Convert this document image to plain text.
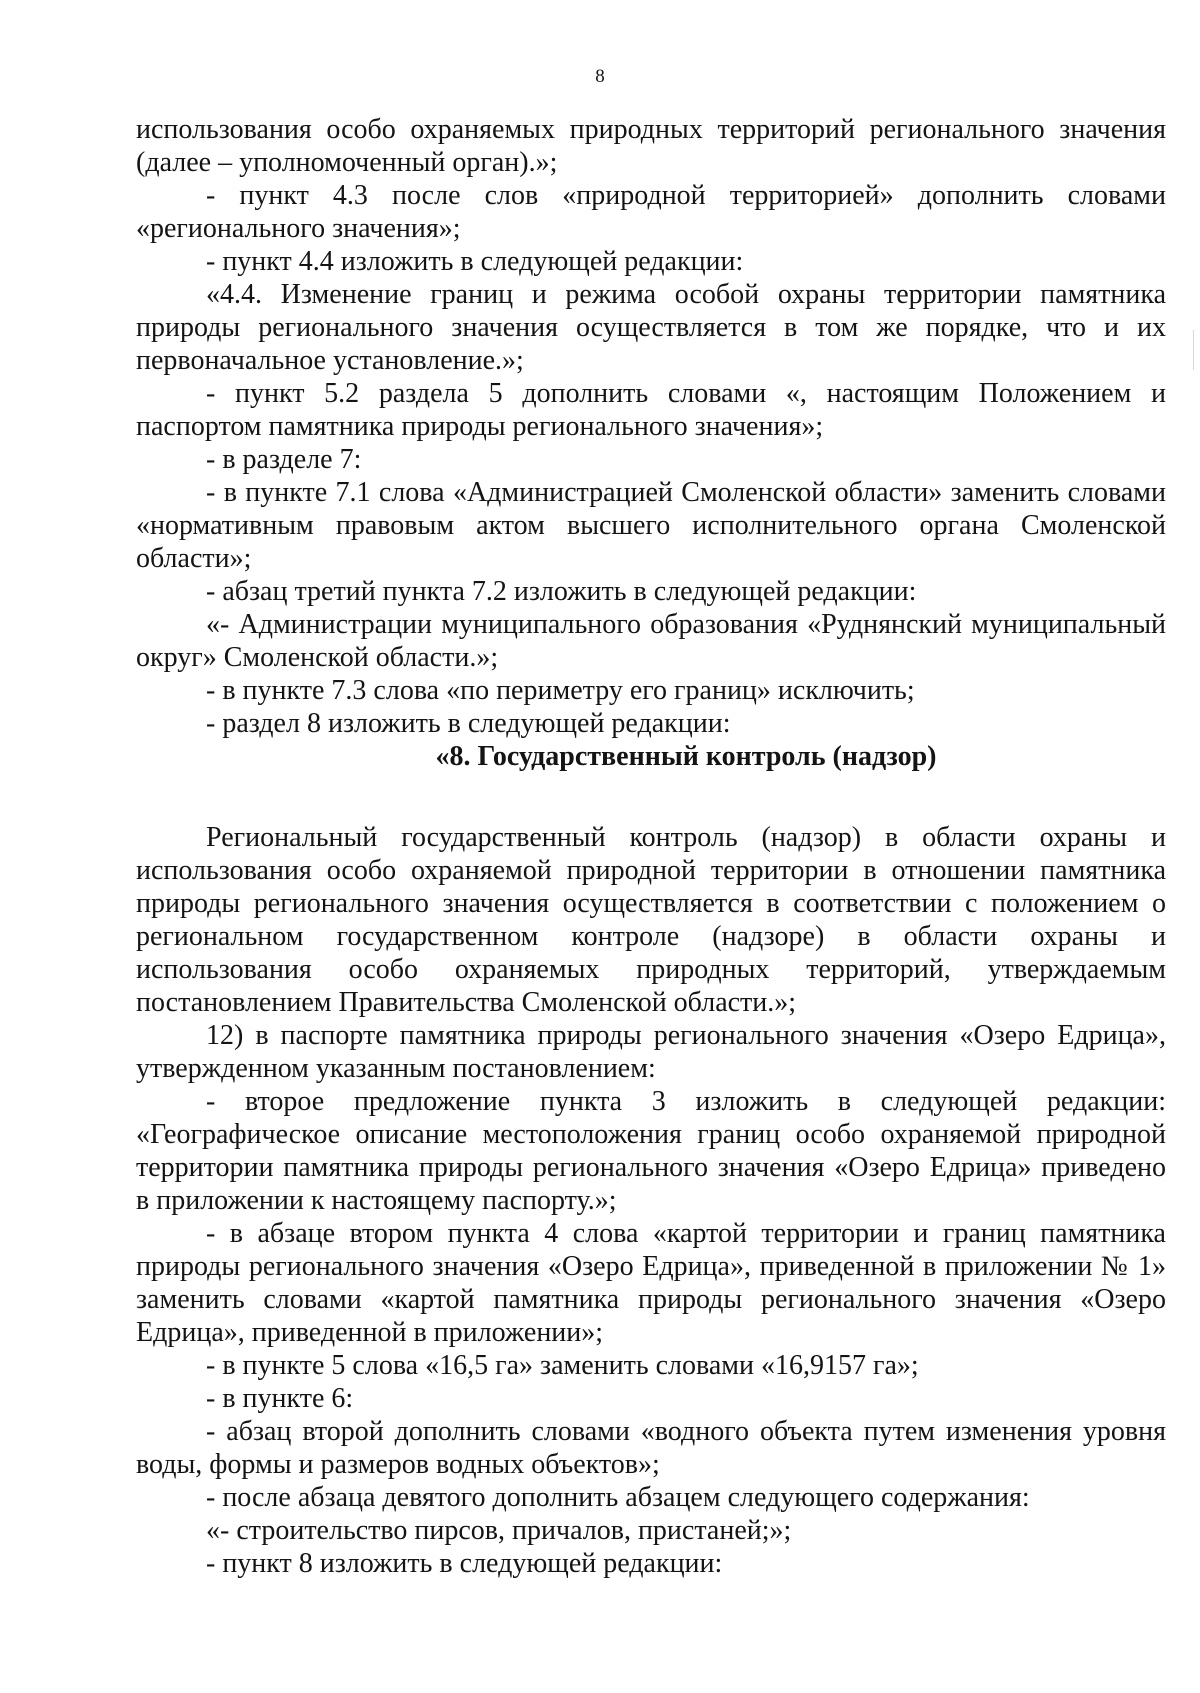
8

использования особо охраняемых природных территорий регионального значения (далее – уполномоченный орган).»;

- пункт 4.3 после слов «природной территорией» дополнить словами «регионального значения»;

- пункт 4.4 изложить в следующей редакции:

«4.4. Изменение границ и режима особой охраны территории памятника природы регионального значения осуществляется в том же порядке, что и их первоначальное установление.»;

- пункт 5.2 раздела 5 дополнить словами «, настоящим Положением и паспортом памятника природы регионального значения»;

- в разделе 7:

- в пункте 7.1 слова «Администрацией Смоленской области» заменить словами «нормативным правовым актом высшего исполнительного органа Смоленской области»;

- абзац третий пункта 7.2 изложить в следующей редакции:

«- Администрации муниципального образования «Руднянский муниципальный округ» Смоленской области.»;

- в пункте 7.3 слова «по периметру его границ» исключить;

- раздел 8 изложить в следующей редакции:

«8. Государственный контроль (надзор)

Региональный государственный контроль (надзор) в области охраны и использования особо охраняемой природной территории в отношении памятника природы регионального значения осуществляется в соответствии с положением о региональном государственном контроле (надзоре) в области охраны и использования особо охраняемых природных территорий, утверждаемым постановлением Правительства Смоленской области.»;

12) в паспорте памятника природы регионального значения «Озеро Едрица», утвержденном указанным постановлением:

- второе предложение пункта 3 изложить в следующей редакции: «Географическое описание местоположения границ особо охраняемой природной территории памятника природы регионального значения «Озеро Едрица» приведено в приложении к настоящему паспорту.»;

- в абзаце втором пункта 4 слова «картой территории и границ памятника природы регионального значения «Озеро Едрица», приведенной в приложении № 1» заменить словами «картой памятника природы регионального значения «Озеро Едрица», приведенной в приложении»;

- в пункте 5 слова «16,5 га» заменить словами «16,9157 га»;

- в пункте 6:

- абзац второй дополнить словами «водного объекта путем изменения уровня воды, формы и размеров водных объектов»;

- после абзаца девятого дополнить абзацем следующего содержания:

«- строительство пирсов, причалов, пристаней;»;

- пункт 8 изложить в следующей редакции:
